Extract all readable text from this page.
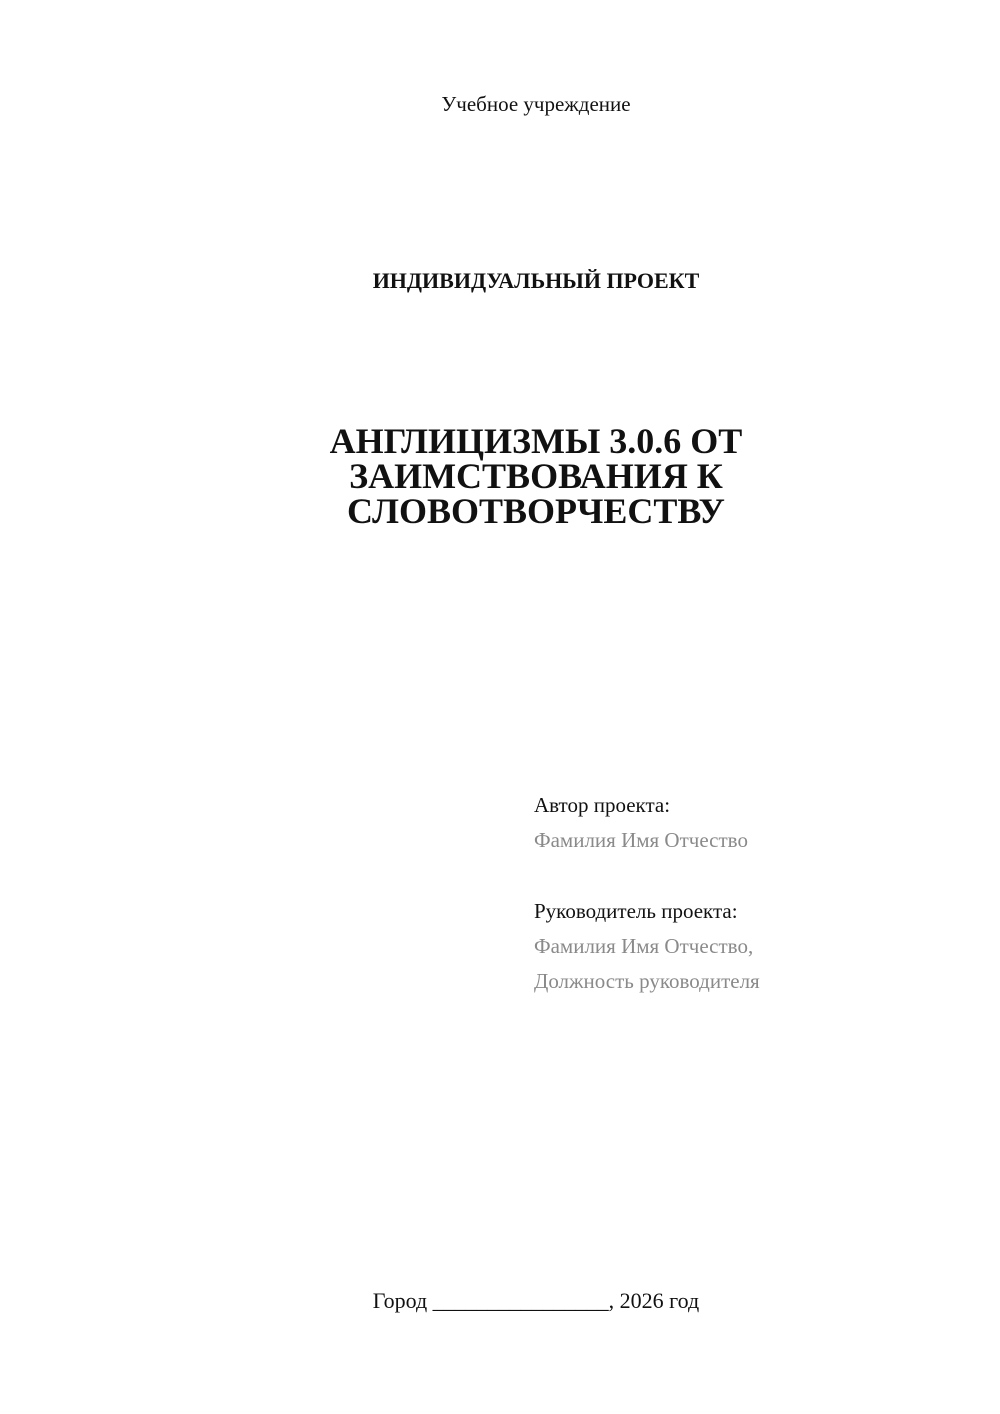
Учебное учреждение
ИНДИВИДУАЛЬНЫЙ ПРОЕКТ
АНГЛИЦИЗМЫ 3.0.6 ОТ
ЗАИМСТВОВАНИЯ К
СЛОВОТВОРЧЕСТВУ
Автор проекта:
Фамилия Имя Отчество
Руководитель проекта:
Фамилия Имя Отчество,
Должность руководителя
Город ________________, 2026 год
